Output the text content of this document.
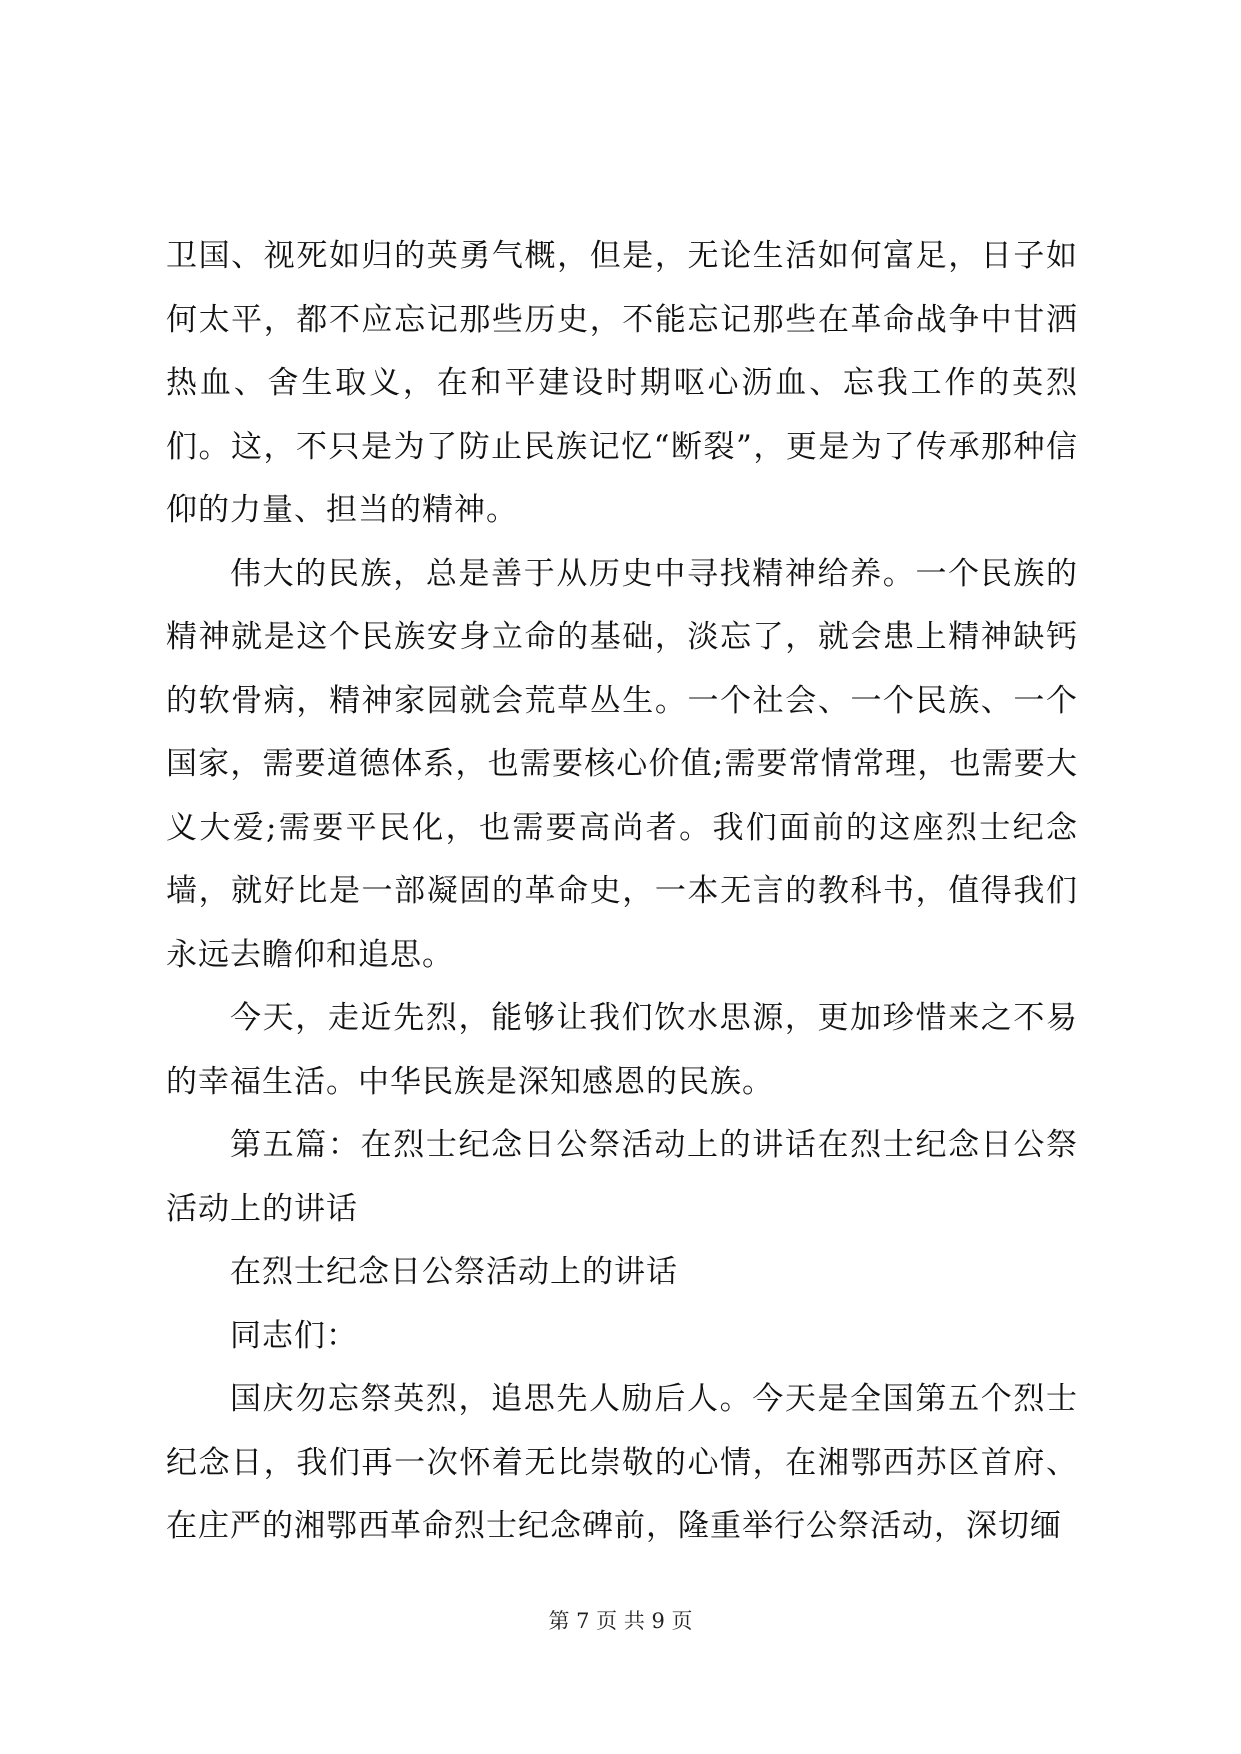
卫国、视死如归的英勇气概，但是，无论生活如何富足，日子如何太平，都不应忘记那些历史，不能忘记那些在革命战争中甘洒热血、舍生取义，在和平建设时期呕心沥血、忘我工作的英烈们。这，不只是为了防止民族记忆“断裂”，更是为了传承那种信仰的力量、担当的精神。

伟大的民族，总是善于从历史中寻找精神给养。一个民族的精神就是这个民族安身立命的基础，淡忘了，就会患上精神缺钙的软骨病，精神家园就会荒草丛生。一个社会、一个民族、一个国家，需要道德体系，也需要核心价值;需要常情常理，也需要大义大爱;需要平民化，也需要高尚者。我们面前的这座烈士纪念墙，就好比是一部凝固的革命史，一本无言的教科书，值得我们永远去瞻仰和追思。

今天，走近先烈，能够让我们饮水思源，更加珍惜来之不易的幸福生活。中华民族是深知感恩的民族。

第五篇：在烈士纪念日公祭活动上的讲话在烈士纪念日公祭活动上的讲话

在烈士纪念日公祭活动上的讲话

同志们：

国庆勿忘祭英烈，追思先人励后人。今天是全国第五个烈士纪念日，我们再一次怀着无比崇敬的心情，在湘鄂西苏区首府、在庄严的湘鄂西革命烈士纪念碑前，隆重举行公祭活动，深切缅

第 7 页 共 9 页
